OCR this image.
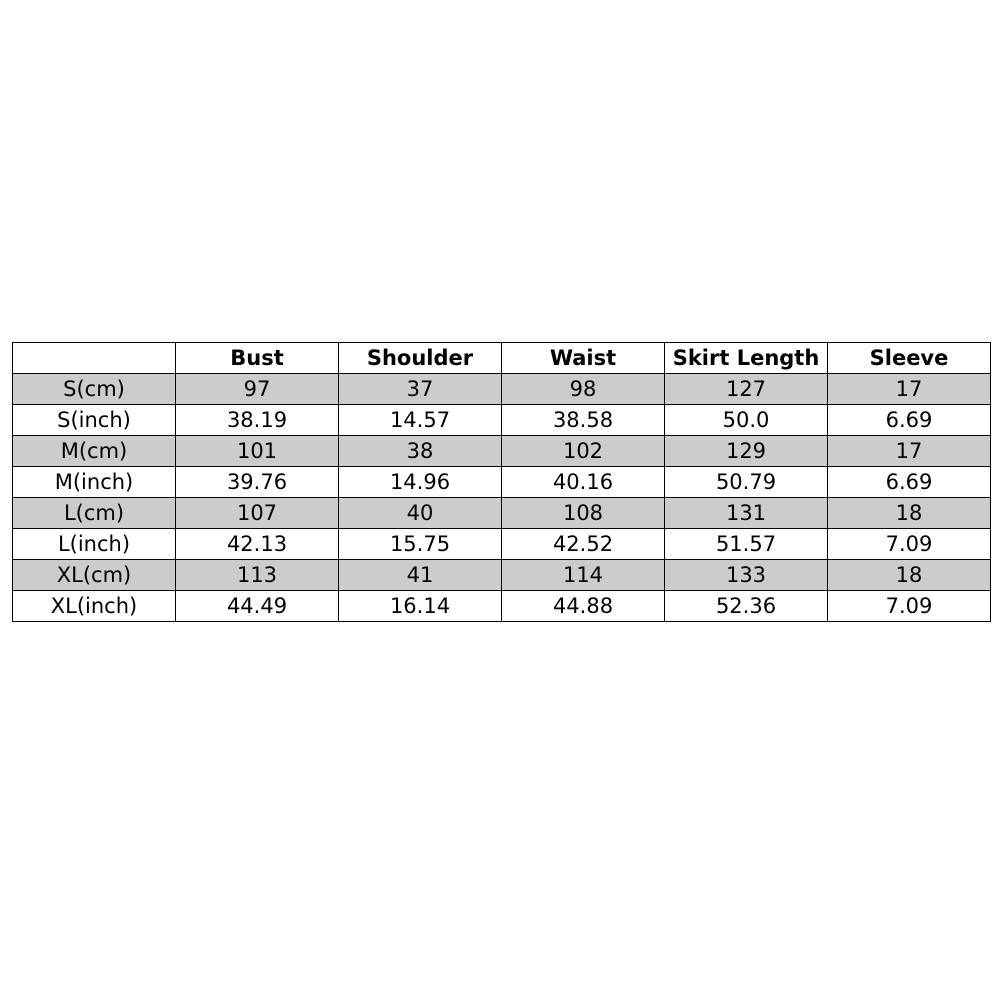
	Bust	Shoulder	Waist	Skirt Length	Sleeve
S(cm)	97	37	98	127	17
S(inch)	38.19	14.57	38.58	50.0	6.69
M(cm)	101	38	102	129	17
M(inch)	39.76	14.96	40.16	50.79	6.69
L(cm)	107	40	108	131	18
L(inch)	42.13	15.75	42.52	51.57	7.09
XL(cm)	113	41	114	133	18
XL(inch)	44.49	16.14	44.88	52.36	7.09
